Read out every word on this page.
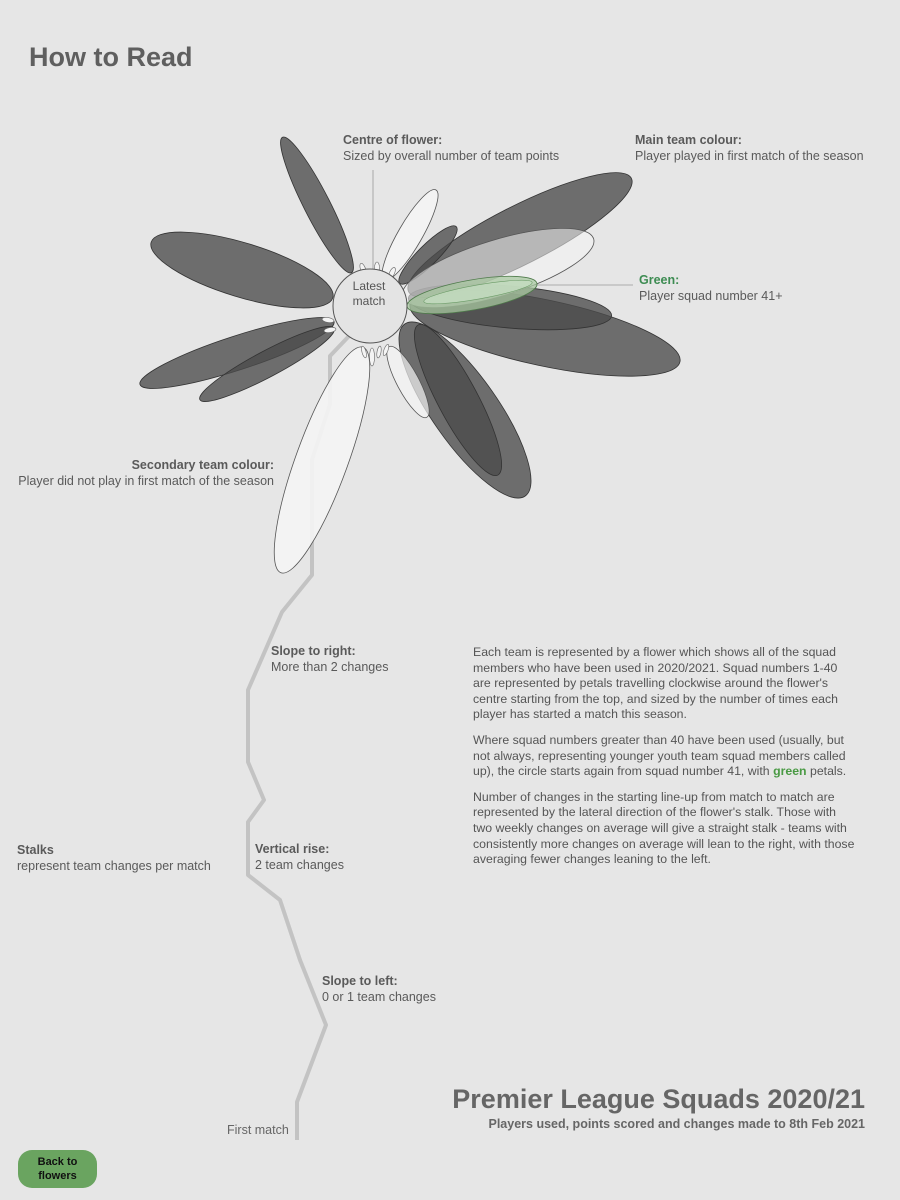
How to Read
Latest match
Centre of flower:
Sized by overall number of team points
Main team colour:
Player played in first match of the season
Green:
Player squad number 41+
Secondary team colour:
Player did not play in first match of the season
Slope to right:
More than 2 changes
Vertical rise:
2 team changes
Slope to left:
0 or 1 team changes
Stalks
represent team changes per match

Each team is represented by a flower which shows all of the squad members who have been used in 2020/2021. Squad numbers 1-40 are represented by petals travelling clockwise around the flower's centre starting from the top, and sized by the number of times each player has started a match this season.

Where squad numbers greater than 40 have been used (usually, but not always, representing younger youth team squad members called up), the circle starts again from squad number 41, with green petals.

Number of changes in the starting line-up from match to match are represented by the lateral direction of the flower's stalk. Those with two weekly changes on average will give a straight stalk - teams with consistently more changes on average will lean to the right, with those averaging fewer changes leaning to the left.

Premier League Squads 2020/21
Players used, points scored and changes made to 8th Feb 2021
First match
Back to flowers
